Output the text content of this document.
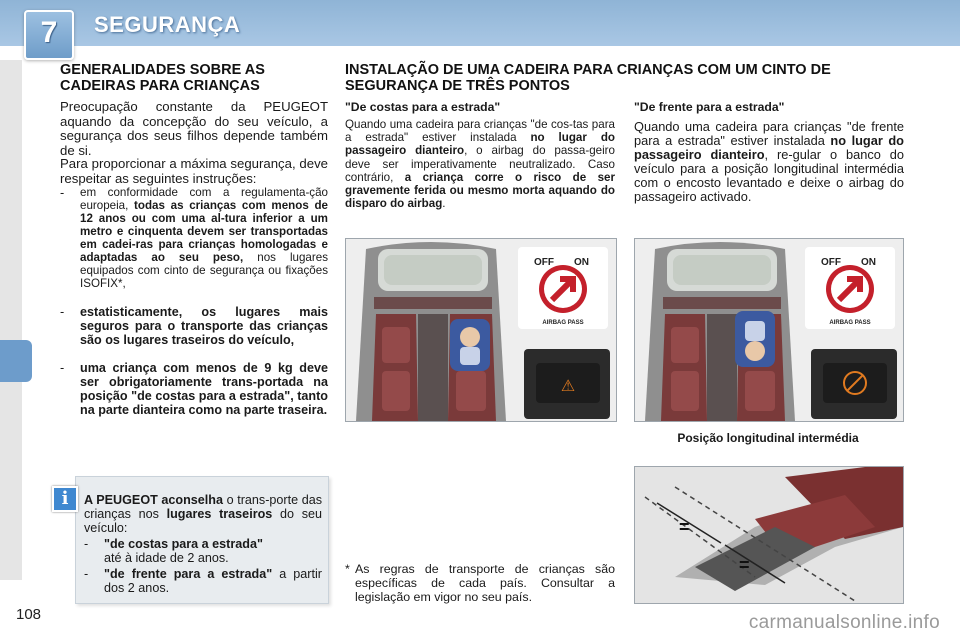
7	SEGURANÇA
108
GENERALIDADES SOBRE AS CADEIRAS PARA CRIANÇAS
Preocupação constante da PEUGEOT aquando da concepção do seu veículo, a segurança dos seus filhos depende também de si.
Para proporcionar a máxima segurança, deve respeitar as seguintes instruções:
- em conformidade com a regulamenta-ção europeia, todas as crianças com menos de 12 anos ou com uma al-tura inferior a um metro e cinquenta devem ser transportadas em cadei-ras para crianças homologadas e adaptadas ao seu peso, nos lugares equipados com cinto de segurança ou fixações ISOFIX*,
- estatisticamente, os lugares mais seguros para o transporte das crianças são os lugares traseiros do veículo,
- uma criança com menos de 9 kg deve ser obrigatoriamente trans-portada na posição "de costas para a estrada", tanto na parte dianteira como na parte traseira.
A PEUGEOT aconselha o trans-porte das crianças nos lugares traseiros do seu veículo:
- "de costas para a estrada"
até à idade de 2 anos.
- "de frente para a estrada" a partir dos 2 anos.
i
INSTALAÇÃO DE UMA CADEIRA PARA CRIANÇAS COM UM CINTO DE SEGURANÇA DE TRÊS PONTOS
"De costas para a estrada"
Quando uma cadeira para crianças "de cos-tas para a estrada" estiver instalada no lugar do passageiro dianteiro, o airbag do passa-geiro deve ser imperativamente neutralizado. Caso contrário, a criança corre o risco de ser gravemente ferida ou mesmo morta aquando do disparo do airbag.
"De frente para a estrada"
Quando uma cadeira para crianças "de frente para a estrada" estiver instalada no lugar do passageiro dianteiro, re-gular o banco do veículo para a posição longitudinal intermédia com o encosto levantado e deixe o airbag do passageiro activado.
OFF ON
AIRBAG PASS
⚠
OFF ON
AIRBAG PASS
Posição longitudinal intermédia
=
=
* As regras de transporte de crianças são específicas de cada país. Consultar a legislação em vigor no seu país.
carmanualsonline.info
